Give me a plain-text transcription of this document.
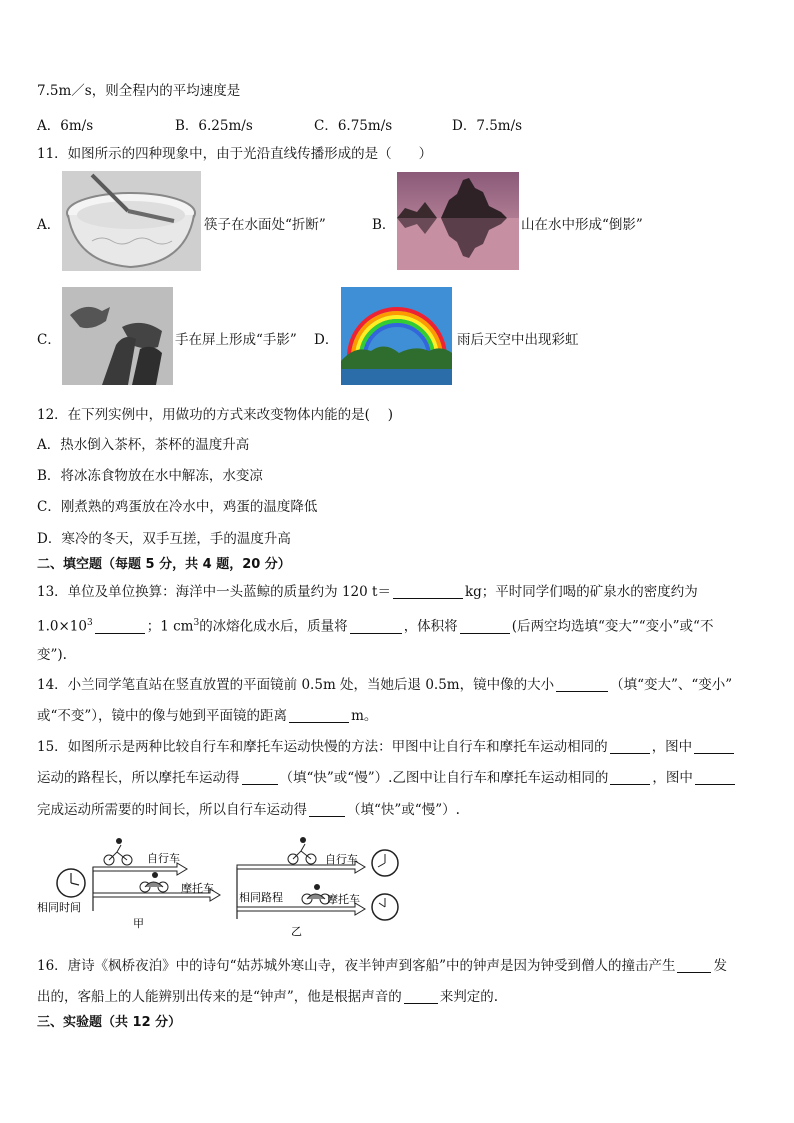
7.5m／s，则全程内的平均速度是
A．6m/s	B．6.25m/s	C．6.75m/s	D．7.5m/s
11．如图所示的四种现象中，由于光沿直线传播形成的是（　　）
A．	筷子在水面处“折断”	B．	山在水中形成“倒影”
C．	手在屏上形成“手影” D．	雨后天空中出现彩虹
12．在下列实例中，用做功的方式来改变物体内能的是(　 )
A．热水倒入茶杯，茶杯的温度升高
B．将冰冻食物放在水中解冻，水变凉
C．刚煮熟的鸡蛋放在冷水中，鸡蛋的温度降低
D．寒冷的冬天，双手互搓，手的温度升高
二、填空题（每题 5 分，共 4 题，20 分）
13．单位及单位换算：海洋中一头蓝鲸的质量约为 120 t＝	kg；平时同学们喝的矿泉水的密度约为
$1.0\times 10^3$	；1 $cm^3$的冰熔化成水后，质量将	，体积将	(后两空均选填“变大”“变小”或“不
变”).
14．小兰同学笔直站在竖直放置的平面镜前 0.5m 处，当她后退 0.5m，镜中像的大小	（填“变大”、“变小”
或“不变”），镜中的像与她到平面镜的距离	m。
15．如图所示是两种比较自行车和摩托车运动快慢的方法：甲图中让自行车和摩托车运动相同的	，图中
运动的路程长，所以摩托车运动得	（填“快”或“慢”）.乙图中让自行车和摩托车运动相同的	，图中
完成运动所需要的时间长，所以自行车运动得	（填“快”或“慢”）.
自行车
摩托车
相同时间
甲
自行车
摩托车
相同路程
乙
16．唐诗《枫桥夜泊》中的诗句“姑苏城外寒山寺，夜半钟声到客船”中的钟声是因为钟受到僧人的撞击产生	发
出的，客船上的人能辨别出传来的是“钟声”，他是根据声音的	来判定的.
三、实验题（共 12 分）
